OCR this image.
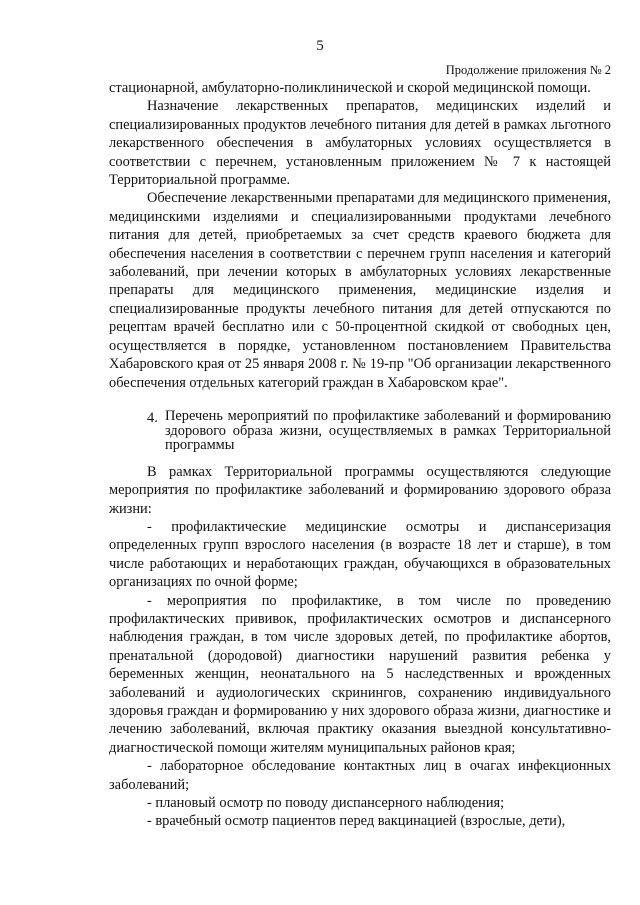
5
Продолжение приложения № 2

стационарной, амбулаторно-поликлинической и скорой медицинской помощи.

Назначение лекарственных препаратов, медицинских изделий и специализированных продуктов лечебного питания для детей в рамках льготного лекарственного обеспечения в амбулаторных условиях осуществляется в соответствии с перечнем, установленным приложением № 7 к настоящей Территориальной программе.

Обеспечение лекарственными препаратами для медицинского применения, медицинскими изделиями и специализированными продуктами лечебного питания для детей, приобретаемых за счет средств краевого бюджета для обеспечения населения в соответствии с перечнем групп населения и категорий заболеваний, при лечении которых в амбулаторных условиях лекарственные препараты для медицинского применения, медицинские изделия и специализированные продукты лечебного питания для детей отпускаются по рецептам врачей бесплатно или с 50-процентной скидкой от свободных цен, осуществляется в порядке, установленном постановлением Правительства Хабаровского края от 25 января 2008 г. № 19-пр "Об организации лекарственного обеспечения отдельных категорий граждан в Хабаровском крае".

4. Перечень мероприятий по профилактике заболеваний и формированию здорового образа жизни, осуществляемых в рамках Территориальной программы

В рамках Территориальной программы осуществляются следующие мероприятия по профилактике заболеваний и формированию здорового образа жизни:

- профилактические медицинские осмотры и диспансеризация определенных групп взрослого населения (в возрасте 18 лет и старше), в том числе работающих и неработающих граждан, обучающихся в образовательных организациях по очной форме;

- мероприятия по профилактике, в том числе по проведению профилактических прививок, профилактических осмотров и диспансерного наблюдения граждан, в том числе здоровых детей, по профилактике абортов, пренатальной (дородовой) диагностики нарушений развития ребенка у беременных женщин, неонатального на 5 наследственных и врожденных заболеваний и аудиологических скринингов, сохранению индивидуального здоровья граждан и формированию у них здорового образа жизни, диагностике и лечению заболеваний, включая практику оказания выездной консультативно-диагностической помощи жителям муниципальных районов края;

- лабораторное обследование контактных лиц в очагах инфекционных заболеваний;

- плановый осмотр по поводу диспансерного наблюдения;

- врачебный осмотр пациентов перед вакцинацией (взрослые, дети),
